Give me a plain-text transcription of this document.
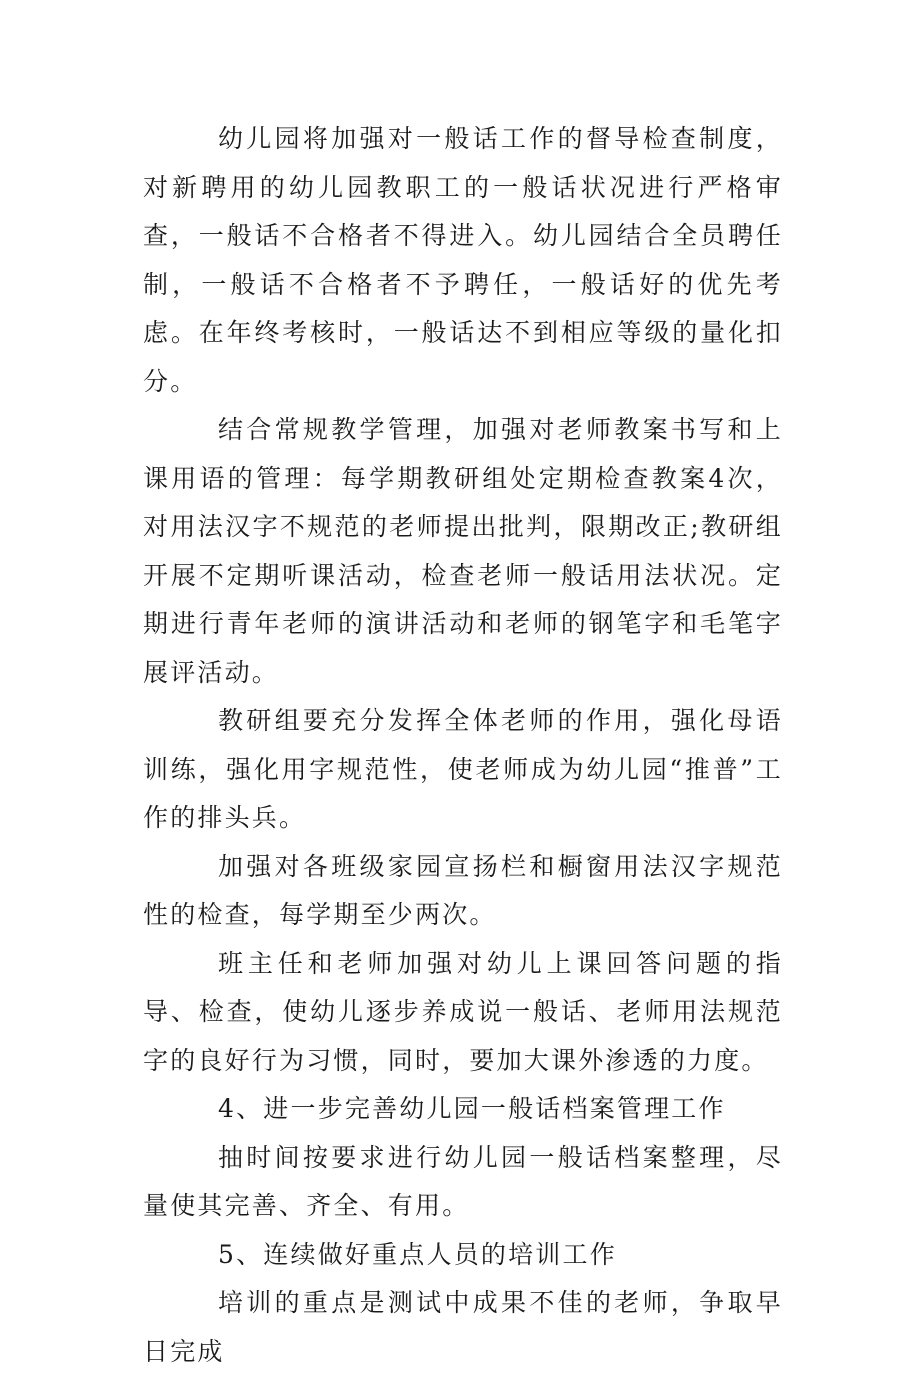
幼儿园将加强对一般话工作的督导检查制度，对新聘用的幼儿园教职工的一般话状况进行严格审查，一般话不合格者不得进入。幼儿园结合全员聘任制，一般话不合格者不予聘任，一般话好的优先考虑。在年终考核时，一般话达不到相应等级的量化扣分。

结合常规教学管理，加强对老师教案书写和上课用语的管理：每学期教研组处定期检查教案4次，对用法汉字不规范的老师提出批判，限期改正;教研组开展不定期听课活动，检查老师一般话用法状况。定期进行青年老师的演讲活动和老师的钢笔字和毛笔字展评活动。

教研组要充分发挥全体老师的作用，强化母语训练，强化用字规范性，使老师成为幼儿园“推普”工作的排头兵。

加强对各班级家园宣扬栏和橱窗用法汉字规范性的检查，每学期至少两次。

班主任和老师加强对幼儿上课回答问题的指导、检查，使幼儿逐步养成说一般话、老师用法规范字的良好行为习惯，同时，要加大课外渗透的力度。

4、进一步完善幼儿园一般话档案管理工作

抽时间按要求进行幼儿园一般话档案整理，尽量使其完善、齐全、有用。

5、连续做好重点人员的培训工作

培训的重点是测试中成果不佳的老师，争取早日完成
